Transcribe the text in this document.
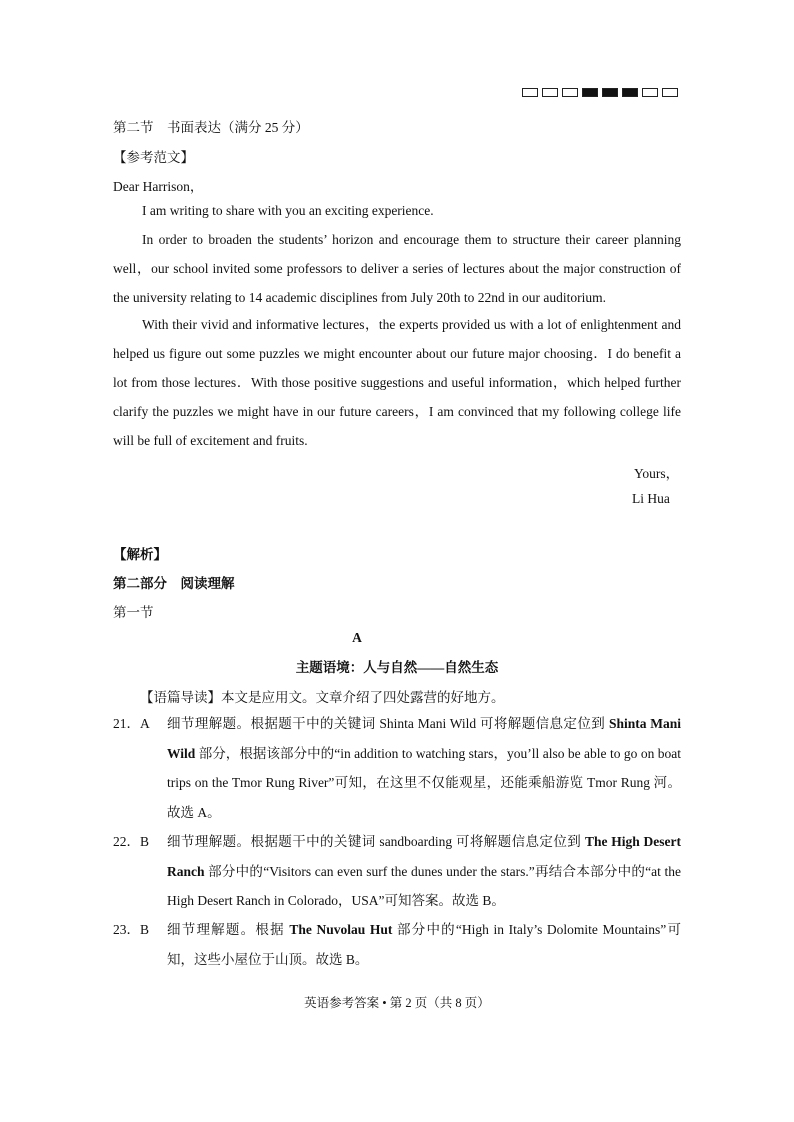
第二节　书面表达（满分 25 分）
【参考范文】
Dear Harrison，
I am writing to share with you an exciting experience.
In order to broaden the students’ horizon and encourage them to structure their career planning well，our school invited some professors to deliver a series of lectures about the major construction of the university relating to 14 academic disciplines from July 20th to 22nd in our auditorium.
With their vivid and informative lectures，the experts provided us with a lot of enlightenment and helped us figure out some puzzles we might encounter about our future major choosing．I do benefit a lot from those lectures．With those positive suggestions and useful information，which helped further clarify the puzzles we might have in our future careers，I am convinced that my following college life will be full of excitement and fruits.
Yours，
Li Hua
【解析】
第二部分　阅读理解
第一节
A
主题语境：人与自然——自然生态
【语篇导读】本文是应用文。文章介绍了四处露营的好地方。
21．A 细节理解题。根据题干中的关键词 Shinta Mani Wild 可将解题信息定位到 Shinta Mani Wild 部分，根据该部分中的“in addition to watching stars，you’ll also be able to go on boat trips on the Tmor Rung River”可知，在这里不仅能观星，还能乘船游览 Tmor Rung 河。故选 A。
22．B 细节理解题。根据题干中的关键词 sandboarding 可将解题信息定位到 The High Desert Ranch 部分中的“Visitors can even surf the dunes under the stars.”再结合本部分中的“at the High Desert Ranch in Colorado，USA”可知答案。故选 B。
23．B 细节理解题。根据 The Nuvolau Hut 部分中的“High in Italy’s Dolomite Mountains”可知，这些小屋位于山顶。故选 B。
英语参考答案 • 第 2 页（共 8 页）
